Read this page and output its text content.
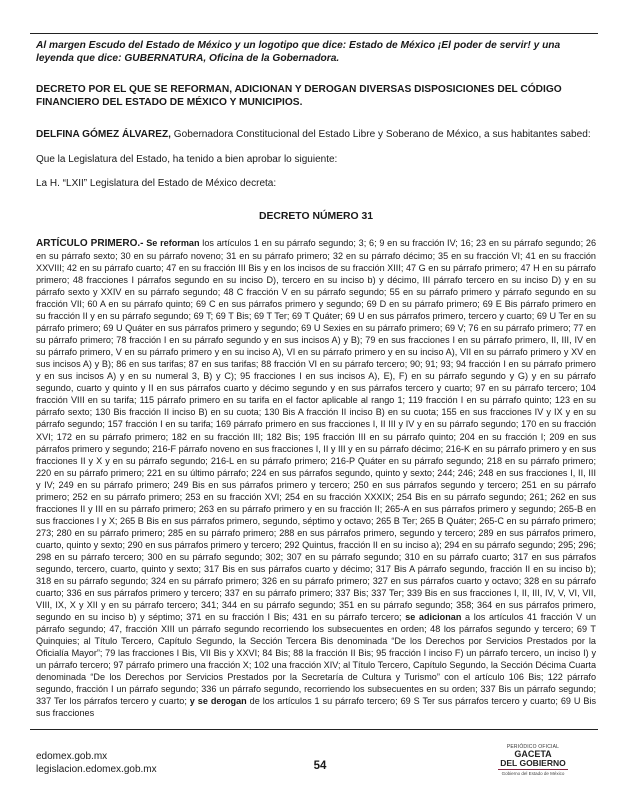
Al margen Escudo del Estado de México y un logotipo que dice: Estado de México ¡El poder de servir! y una leyenda que dice: GUBERNATURA, Oficina de la Gobernadora.

DECRETO POR EL QUE SE REFORMAN, ADICIONAN Y DEROGAN DIVERSAS DISPOSICIONES DEL CÓDIGO FINANCIERO DEL ESTADO DE MÉXICO Y MUNICIPIOS.

DELFINA GÓMEZ ÁLVAREZ, Gobernadora Constitucional del Estado Libre y Soberano de México, a sus habitantes sabed:

Que la Legislatura del Estado, ha tenido a bien aprobar lo siguiente:

La H. “LXII” Legislatura del Estado de México decreta:

DECRETO NÚMERO 31

ARTÍCULO PRIMERO.- Se reforman los artículos 1 en su párrafo segundo; 3; 6; 9 en su fracción IV; 16; 23 en su párrafo segundo; 26 en su párrafo sexto; 30 en su párrafo noveno; 31 en su párrafo primero; 32 en su párrafo décimo; 35 en su fracción VI; 41 en su fracción XXVIII; 42 en su párrafo cuarto; 47 en su fracción III Bis y en los incisos de su fracción XIII; 47 G en su párrafo primero; 47 H en su párrafo primero; 48 fracciones I párrafos segundo en su inciso D), tercero en su inciso b) y décimo, III párrafo tercero en su inciso D) y en su párrafo sexto y XXIV en su párrafo segundo; 48 C fracción V en su párrafo segundo; 55 en su párrafo primero y párrafo segundo en su fracción VII; 60 A en su párrafo quinto; 69 C en sus párrafos primero y segundo; 69 D en su párrafo primero; 69 E Bis párrafo primero en su fracción II y en su párrafo segundo; 69 T; 69 T Bis; 69 T Ter; 69 T Quáter; 69 U en sus párrafos primero, tercero y cuarto; 69 U Ter en su párrafo primero; 69 U Quáter en sus párrafos primero y segundo; 69 U Sexies en su párrafo primero; 69 V; 76 en su párrafo primero; 77 en su párrafo primero; 78 fracción I en su párrafo segundo y en sus incisos A) y B); 79 en sus fracciones I en su párrafo primero, II, III, IV en su párrafo primero, V en su párrafo primero y en su inciso A), VI en su párrafo primero y en su inciso A), VII en su párrafo primero y XV en sus incisos A) y B); 86 en sus tarifas; 87 en sus tarifas; 88 fracción VI en su párrafo tercero; 90; 91; 93; 94 fracción I en su párrafo primero y en sus incisos A) y en su numeral 3, B) y C); 95 fracciones I en sus incisos A), E), F) en su párrafo segundo y G) y en su párrafo segundo, cuarto y quinto y II en sus párrafos cuarto y décimo segundo y en sus párrafos tercero y cuarto; 97 en su párrafo tercero; 104 fracción VIII en su tarifa; 115 párrafo primero en su tarifa en el factor aplicable al rango 1; 119 fracción I en su párrafo quinto; 123 en su párrafo sexto; 130 Bis fracción II inciso B) en su cuota; 130 Bis A fracción II inciso B) en su cuota; 155 en sus fracciones IV y IX y en su párrafo segundo; 157 fracción I en su tarifa; 169 párrafo primero en sus fracciones I, II III y IV y en su párrafo segundo; 170 en su fracción XVI; 172 en su párrafo primero; 182 en su fracción III; 182 Bis; 195 fracción III en su párrafo quinto; 204 en su fracción I; 209 en sus párrafos primero y segundo; 216-F párrafo noveno en sus fracciones I, II y III y en su párrafo décimo; 216-K en su párrafo primero y en sus fracciones II y X y en su párrafo segundo; 216-L en su párrafo primero; 216-P Quáter en su párrafo segundo; 218 en su párrafo primero; 220 en su párrafo primero; 221 en su último párrafo; 224 en sus párrafos segundo, quinto y sexto; 244; 246; 248 en sus fracciones I, II, III y IV; 249 en su párrafo primero; 249 Bis en sus párrafos primero y tercero; 250 en sus párrafos segundo y tercero; 251 en su párrafo primero; 252 en su párrafo primero; 253 en su fracción XVI; 254 en su fracción XXXIX; 254 Bis en su párrafo segundo; 261; 262 en sus fracciones II y III en su párrafo primero; 263 en su párrafo primero y en su fracción II; 265-A en sus párrafos primero y segundo; 265-B en sus fracciones I y X; 265 B Bis en sus párrafos primero, segundo, séptimo y octavo; 265 B Ter; 265 B Quáter; 265-C en su párrafo primero; 273; 280 en su párrafo primero; 285 en su párrafo primero; 288 en sus párrafos primero, segundo y tercero; 289 en sus párrafos primero, cuarto, quinto y sexto; 290 en sus párrafos primero y tercero; 292 Quintus, fracción II en su inciso a); 294 en su párrafo segundo; 295; 296; 298 en su párrafo tercero; 300 en su párrafo segundo; 302; 307 en su párrafo segundo; 310 en su párrafo cuarto; 317 en sus párrafos segundo, tercero, cuarto, quinto y sexto; 317 Bis en sus párrafos cuarto y décimo; 317 Bis A párrafo segundo, fracción II en su inciso b); 318 en su párrafo segundo; 324 en su párrafo primero; 326 en su párrafo primero; 327 en sus párrafos cuarto y octavo; 328 en su párrafo cuarto; 336 en sus párrafos primero y tercero; 337 en su párrafo primero; 337 Bis; 337 Ter; 339 Bis en sus fracciones I, II, III, IV, V, VI, VII, VIII, IX, X y XII y en su párrafo tercero; 341; 344 en su párrafo segundo; 351 en su párrafo segundo; 358; 364 en sus párrafos primero, segundo en su inciso b) y séptimo; 371 en su fracción I Bis; 431 en su párrafo tercero; se adicionan a los artículos 41 fracción V un párrafo segundo; 47, fracción XIII un párrafo segundo recorriendo los subsecuentes en orden; 48 los párrafos segundo y tercero; 69 T Quinquies; al Título Tercero, Capítulo Segundo, la Sección Tercera Bis denominada “De los Derechos por Servicios Prestados por la Oficialía Mayor”; 79 las fracciones I Bis, VII Bis y XXVI; 84 Bis; 88 la fracción II Bis; 95 fracción I inciso F) un párrafo tercero, un inciso I) y un párrafo tercero; 97 párrafo primero una fracción X; 102 una fracción XIV; al Título Tercero, Capítulo Segundo, la Sección Décima Cuarta denominada “De los Derechos por Servicios Prestados por la Secretaría de Cultura y Turismo” con el artículo 106 Bis; 122 párrafo segundo, fracción I un párrafo segundo; 336 un párrafo segundo, recorriendo los subsecuentes en su orden; 337 Bis un párrafo segundo; 337 Ter los párrafos tercero y cuarto; y se derogan de los artículos 1 su párrafo tercero; 69 S Ter sus párrafos tercero y cuarto; 69 U Bis sus fracciones

edomex.gob.mx
legislacion.edomex.gob.mx	54
PERIÓDICO OFICIAL
GACETA
DEL GOBIERNO
Gobierno del Estado de México
